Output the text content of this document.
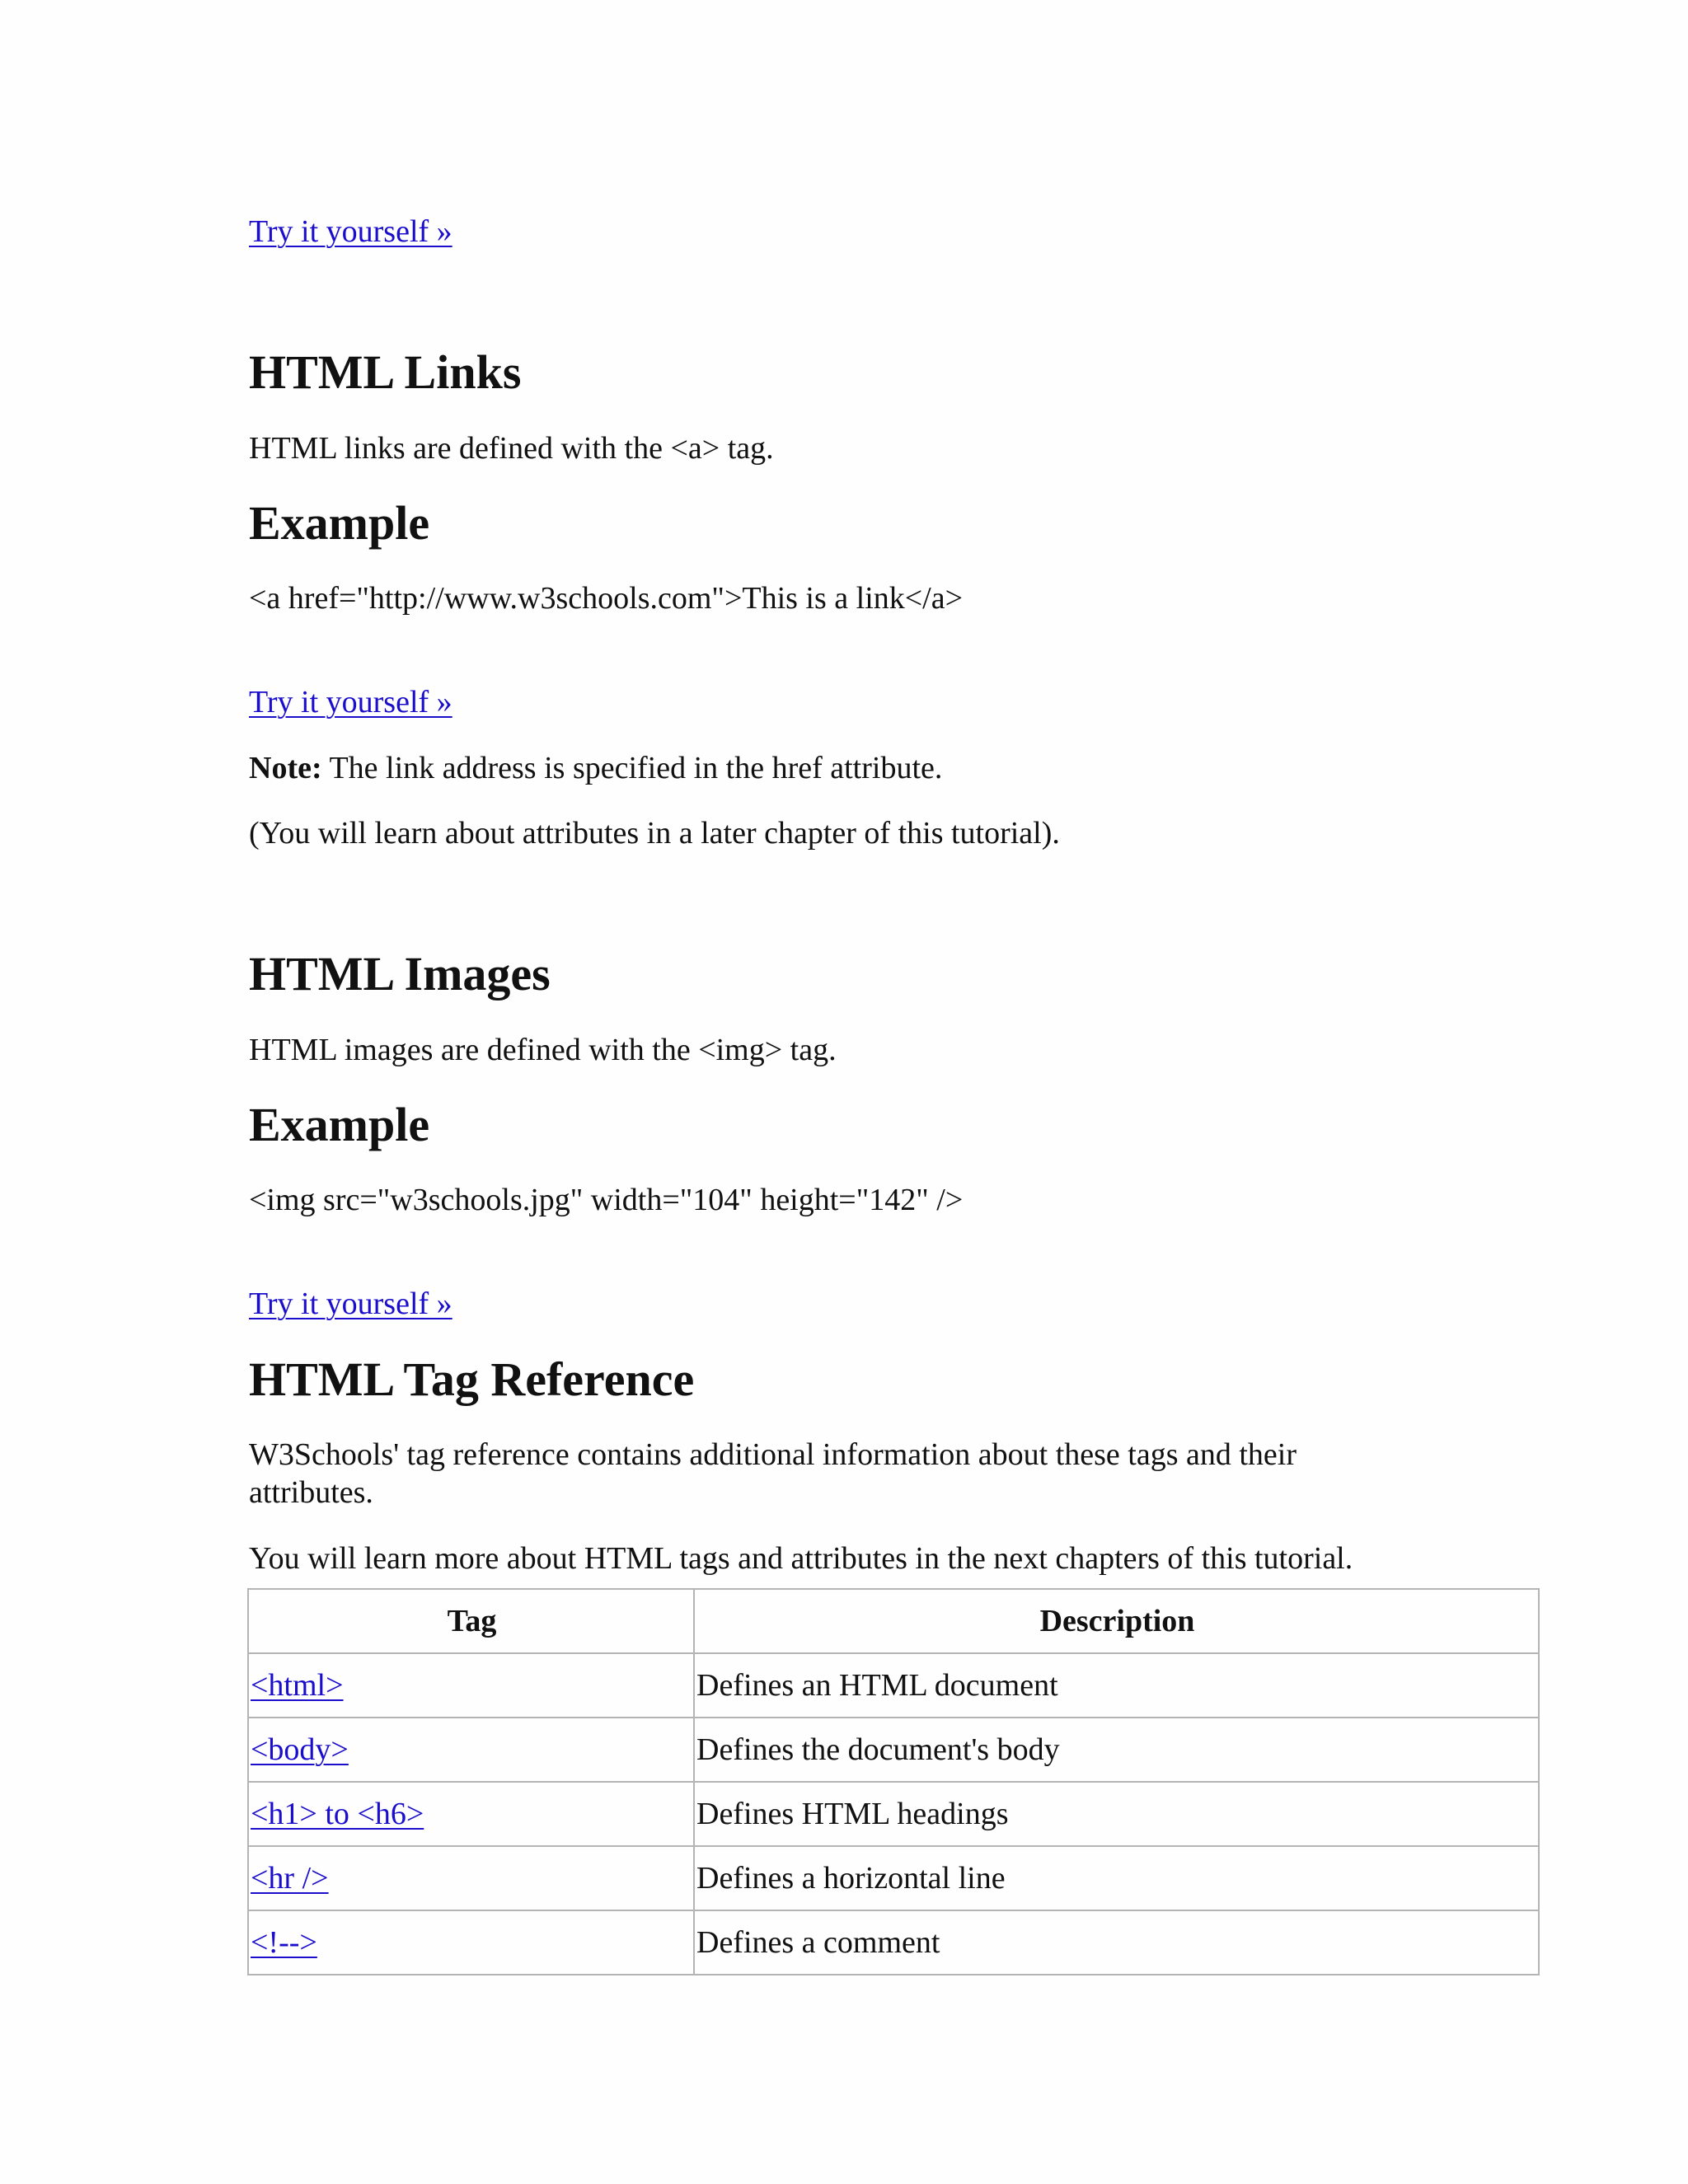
Try it yourself »
HTML Links

HTML links are defined with the <a> tag.

Example

<a href="http://www.w3schools.com">This is a link</a>

Try it yourself »

Note: The link address is specified in the href attribute.

(You will learn about attributes in a later chapter of this tutorial).

HTML Images

HTML images are defined with the <img> tag.

Example

<img src="w3schools.jpg" width="104" height="142" />

Try it yourself »
HTML Tag Reference

W3Schools' tag reference contains additional information about these tags and their attributes.

You will learn more about HTML tags and attributes in the next chapters of this tutorial.

Tag	Description
<html>	Defines an HTML document
<body>	Defines the document's body
<h1> to <h6>	Defines HTML headings
<hr />	Defines a horizontal line
<!-->	Defines a comment
